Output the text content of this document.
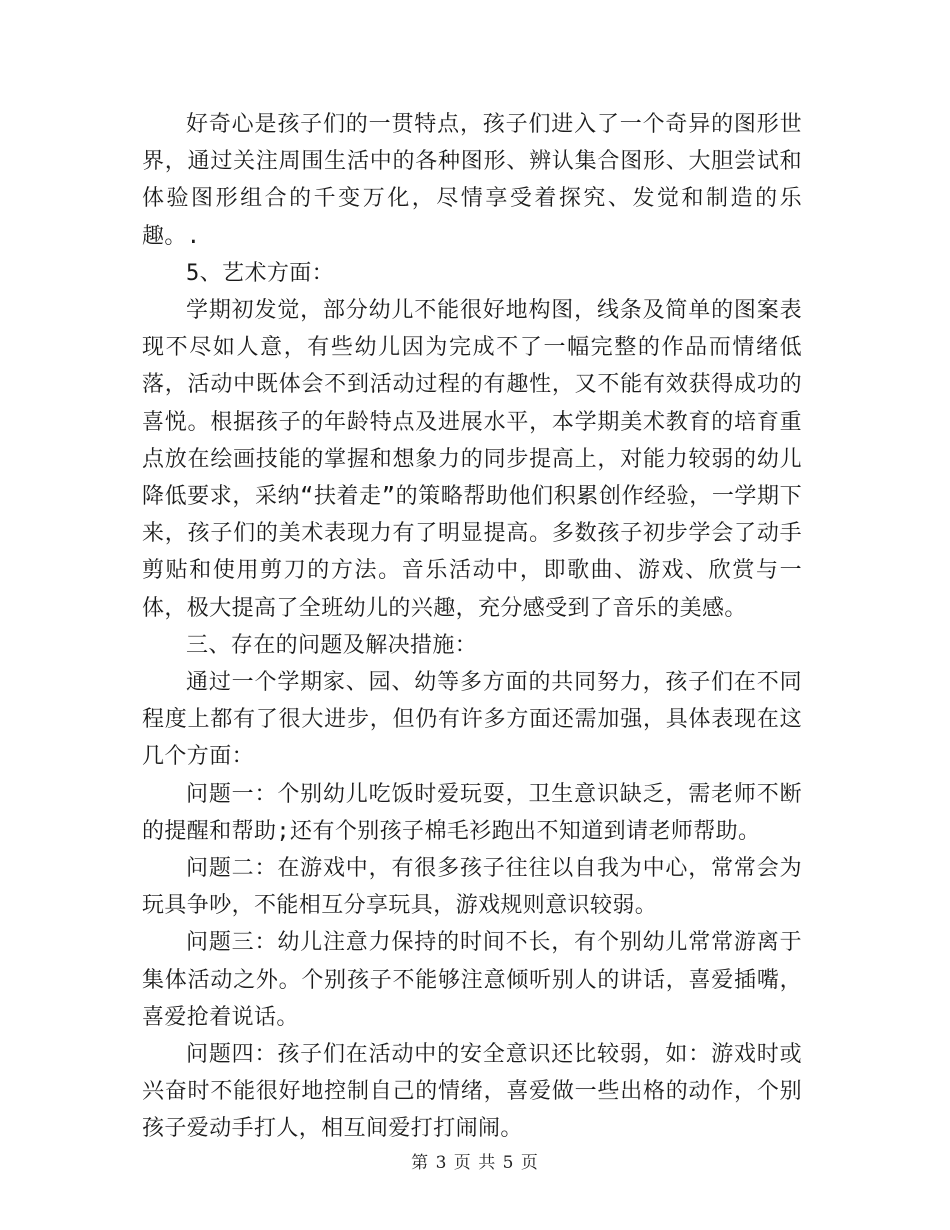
好奇心是孩子们的一贯特点，孩子们进入了一个奇异的图形世界，通过关注周围生活中的各种图形、辨认集合图形、大胆尝试和体验图形组合的千变万化，尽情享受着探究、发觉和制造的乐趣。.

5、艺术方面：

学期初发觉，部分幼儿不能很好地构图，线条及简单的图案表现不尽如人意，有些幼儿因为完成不了一幅完整的作品而情绪低落，活动中既体会不到活动过程的有趣性，又不能有效获得成功的喜悦。根据孩子的年龄特点及进展水平，本学期美术教育的培育重点放在绘画技能的掌握和想象力的同步提高上，对能力较弱的幼儿降低要求，采纳“扶着走”的策略帮助他们积累创作经验，一学期下来，孩子们的美术表现力有了明显提高。多数孩子初步学会了动手剪贴和使用剪刀的方法。音乐活动中，即歌曲、游戏、欣赏与一体，极大提高了全班幼儿的兴趣，充分感受到了音乐的美感。

三、存在的问题及解决措施：

通过一个学期家、园、幼等多方面的共同努力，孩子们在不同程度上都有了很大进步，但仍有许多方面还需加强，具体表现在这几个方面：

问题一：个别幼儿吃饭时爱玩耍，卫生意识缺乏，需老师不断的提醒和帮助;还有个别孩子棉毛衫跑出不知道到请老师帮助。

问题二：在游戏中，有很多孩子往往以自我为中心，常常会为玩具争吵，不能相互分享玩具，游戏规则意识较弱。

问题三：幼儿注意力保持的时间不长，有个别幼儿常常游离于集体活动之外。个别孩子不能够注意倾听别人的讲话，喜爱插嘴，喜爱抢着说话。

问题四：孩子们在活动中的安全意识还比较弱，如：游戏时或兴奋时不能很好地控制自己的情绪，喜爱做一些出格的动作，个别孩子爱动手打人，相互间爱打打闹闹。

第 3 页 共 5 页
